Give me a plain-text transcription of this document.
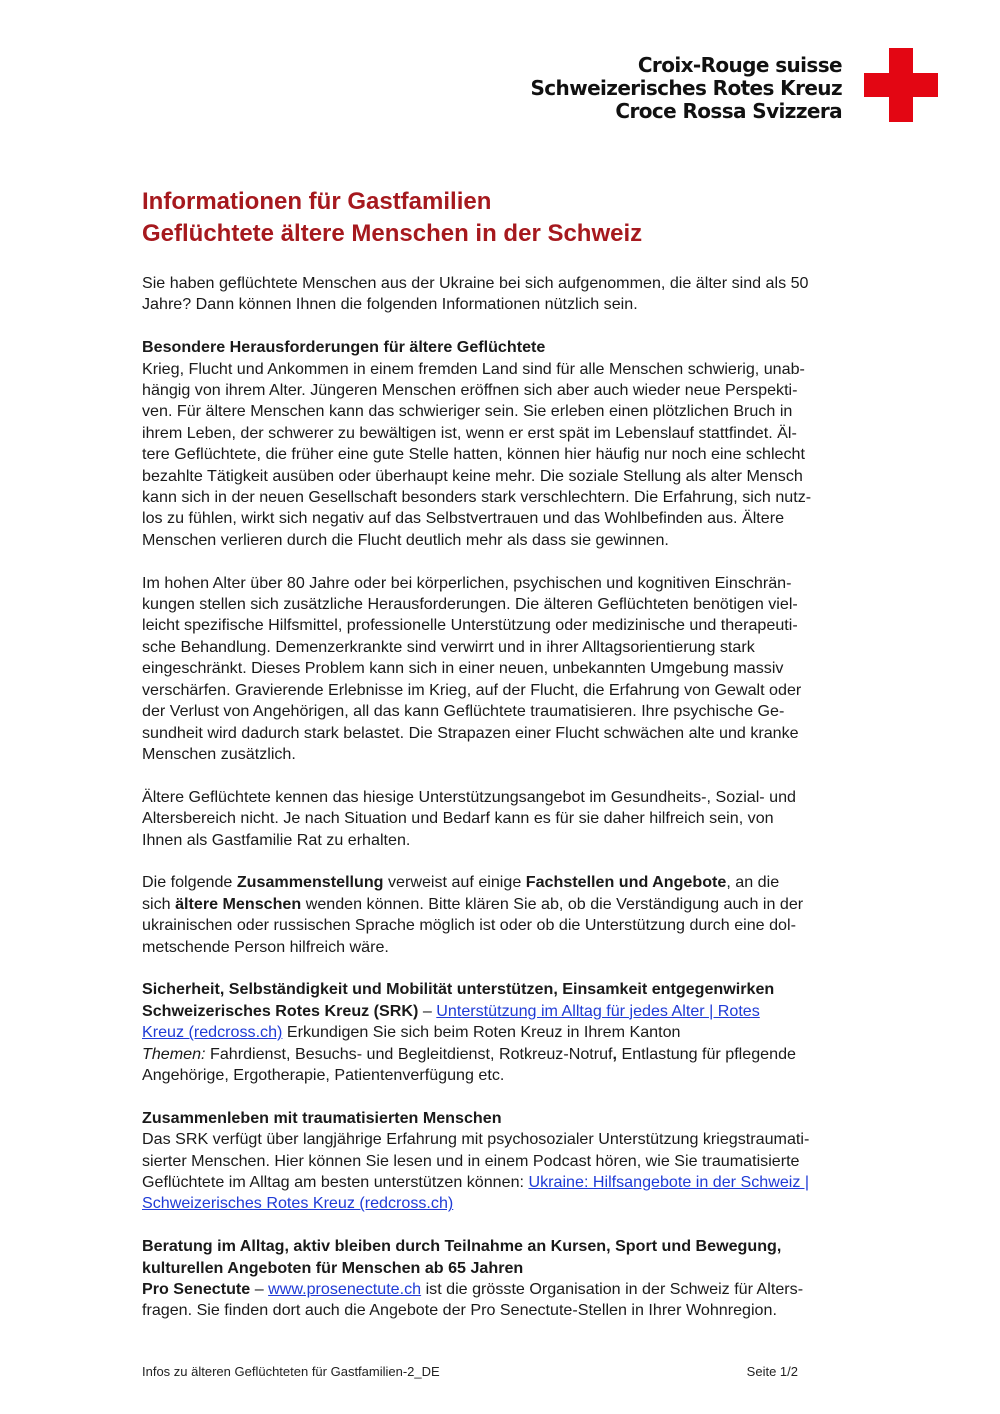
Croix-Rouge suisse
Schweizerisches Rotes Kreuz
Croce Rossa Svizzera
Informationen für Gastfamilien
Geflüchtete ältere Menschen in der Schweiz

Sie haben geflüchtete Menschen aus der Ukraine bei sich aufgenommen, die älter sind als 50
Jahre? Dann können Ihnen die folgenden Informationen nützlich sein.

Besondere Herausforderungen für ältere Geflüchtete

Krieg, Flucht und Ankommen in einem fremden Land sind für alle Menschen schwierig, unab-
hängig von ihrem Alter. Jüngeren Menschen eröffnen sich aber auch wieder neue Perspekti-
ven. Für ältere Menschen kann das schwieriger sein. Sie erleben einen plötzlichen Bruch in
ihrem Leben, der schwerer zu bewältigen ist, wenn er erst spät im Lebenslauf stattfindet. Äl-
tere Geflüchtete, die früher eine gute Stelle hatten, können hier häufig nur noch eine schlecht
bezahlte Tätigkeit ausüben oder überhaupt keine mehr. Die soziale Stellung als alter Mensch
kann sich in der neuen Gesellschaft besonders stark verschlechtern. Die Erfahrung, sich nutz-
los zu fühlen, wirkt sich negativ auf das Selbstvertrauen und das Wohlbefinden aus. Ältere
Menschen verlieren durch die Flucht deutlich mehr als dass sie gewinnen.

Im hohen Alter über 80 Jahre oder bei körperlichen, psychischen und kognitiven Einschrän-
kungen stellen sich zusätzliche Herausforderungen. Die älteren Geflüchteten benötigen viel-
leicht spezifische Hilfsmittel, professionelle Unterstützung oder medizinische und therapeuti-
sche Behandlung. Demenzerkrankte sind verwirrt und in ihrer Alltagsorientierung stark
eingeschränkt. Dieses Problem kann sich in einer neuen, unbekannten Umgebung massiv
verschärfen. Gravierende Erlebnisse im Krieg, auf der Flucht, die Erfahrung von Gewalt oder
der Verlust von Angehörigen, all das kann Geflüchtete traumatisieren. Ihre psychische Ge-
sundheit wird dadurch stark belastet. Die Strapazen einer Flucht schwächen alte und kranke
Menschen zusätzlich.

Ältere Geflüchtete kennen das hiesige Unterstützungsangebot im Gesundheits-, Sozial- und
Altersbereich nicht. Je nach Situation und Bedarf kann es für sie daher hilfreich sein, von
Ihnen als Gastfamilie Rat zu erhalten.

Die folgende Zusammenstellung verweist auf einige Fachstellen und Angebote, an die
sich ältere Menschen wenden können. Bitte klären Sie ab, ob die Verständigung auch in der
ukrainischen oder russischen Sprache möglich ist oder ob die Unterstützung durch eine dol-
metschende Person hilfreich wäre.

Sicherheit, Selbständigkeit und Mobilität unterstützen, Einsamkeit entgegenwirken

Schweizerisches Rotes Kreuz (SRK) – Unterstützung im Alltag für jedes Alter | Rotes
Kreuz (redcross.ch) Erkundigen Sie sich beim Roten Kreuz in Ihrem Kanton
Themen: Fahrdienst, Besuchs- und Begleitdienst, Rotkreuz-Notruf, Entlastung für pflegende
Angehörige, Ergotherapie, Patientenverfügung etc.

Zusammenleben mit traumatisierten Menschen

Das SRK verfügt über langjährige Erfahrung mit psychosozialer Unterstützung kriegstraumati-
sierter Menschen. Hier können Sie lesen und in einem Podcast hören, wie Sie traumatisierte
Geflüchtete im Alltag am besten unterstützen können: Ukraine: Hilfsangebote in der Schweiz |
Schweizerisches Rotes Kreuz (redcross.ch)

Beratung im Alltag, aktiv bleiben durch Teilnahme an Kursen, Sport und Bewegung,
kulturellen Angeboten für Menschen ab 65 Jahren

Pro Senectute – www.prosenectute.ch ist die grösste Organisation in der Schweiz für Alters-
fragen. Sie finden dort auch die Angebote der Pro Senectute-Stellen in Ihrer Wohnregion.

Infos zu älteren Geflüchteten für Gastfamilien-2_DE	Seite 1/2
